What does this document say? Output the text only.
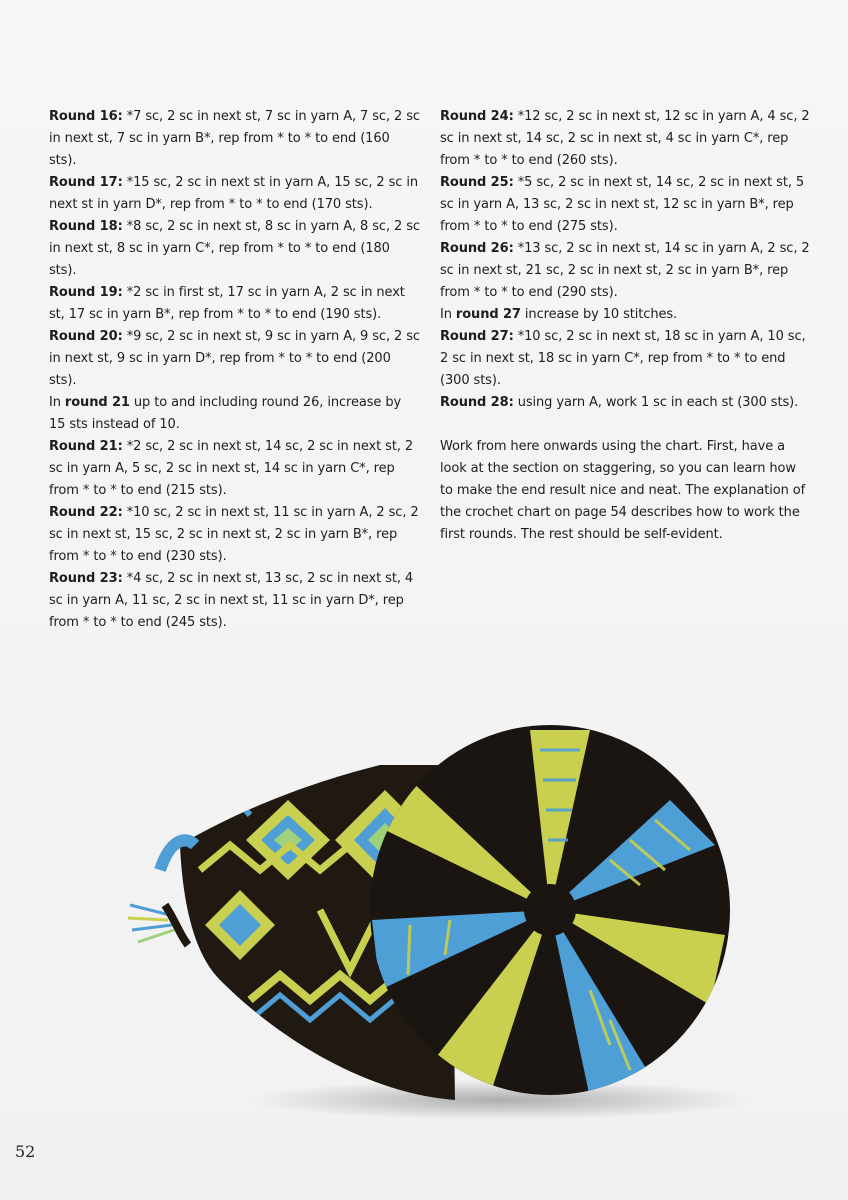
Round 16: *7 sc, 2 sc in next st, 7 sc in yarn A, 7 sc, 2 sc in next st, 7 sc in yarn B*, rep from * to * to end (160 sts).

Round 17: *15 sc, 2 sc in next st in yarn A, 15 sc, 2 sc in next st in yarn D*, rep from * to * to end (170 sts).

Round 18: *8 sc, 2 sc in next st, 8 sc in yarn A, 8 sc, 2 sc in next st, 8 sc in yarn C*, rep from * to * to end (180 sts).

Round 19: *2 sc in first st, 17 sc in yarn A, 2 sc in next st, 17 sc in yarn B*, rep from * to * to end (190 sts).

Round 20: *9 sc, 2 sc in next st, 9 sc in yarn A, 9 sc, 2 sc in next st, 9 sc in yarn D*, rep from * to * to end (200 sts).

In round 21 up to and including round 26, increase by 15 sts instead of 10.

Round 21: *2 sc, 2 sc in next st, 14 sc, 2 sc in next st, 2 sc in yarn A, 5 sc, 2 sc in next st, 14 sc in yarn C*, rep from * to * to end (215 sts).

Round 22: *10 sc, 2 sc in next st, 11 sc in yarn A, 2 sc, 2 sc in next st, 15 sc, 2 sc in next st, 2 sc in yarn B*, rep from * to * to end (230 sts).

Round 23: *4 sc, 2 sc in next st, 13 sc, 2 sc in next st, 4 sc in yarn A, 11 sc, 2 sc in next st, 11 sc in yarn D*, rep from * to * to end (245 sts).

Round 24: *12 sc, 2 sc in next st, 12 sc in yarn A, 4 sc, 2 sc in next st, 14 sc, 2 sc in next st, 4 sc in yarn C*, rep from * to * to end (260 sts).

Round 25: *5 sc, 2 sc in next st, 14 sc, 2 sc in next st, 5 sc in yarn A, 13 sc, 2 sc in next st, 12 sc in yarn B*, rep from * to * to end (275 sts).

Round 26: *13 sc, 2 sc in next st, 14 sc in yarn A, 2 sc, 2 sc in next st, 21 sc, 2 sc in next st, 2 sc in yarn B*, rep from * to * to end (290 sts).

In round 27 increase by 10 stitches.

Round 27: *10 sc, 2 sc in next st, 18 sc in yarn A, 10 sc, 2 sc in next st, 18 sc in yarn C*, rep from * to * to end (300 sts).

Round 28: using yarn A, work 1 sc in each st (300 sts).

Work from here onwards using the chart. First, have a look at the section on staggering, so you can learn how to make the end result nice and neat. The explanation of the crochet chart on page 54 describes how to work the first rounds. The rest should be self-evident.

52
